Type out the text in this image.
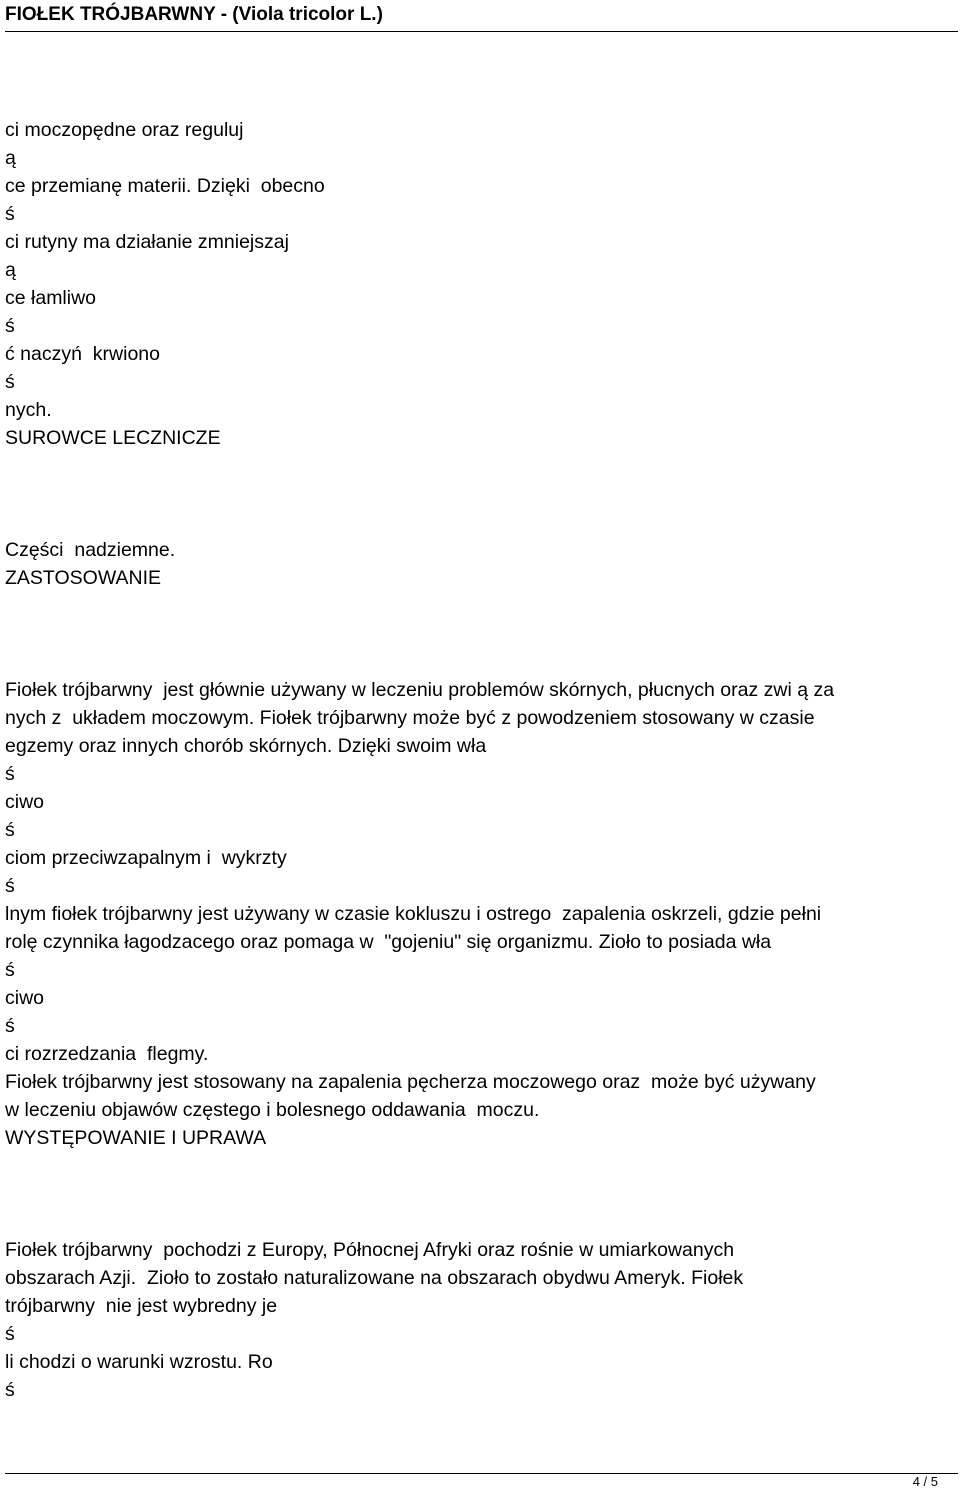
FIOŁEK TRÓJBARWNY - (Viola tricolor L.)
ci moczopędne oraz reguluj
ą
ce przemianę materii. Dzięki  obecno
ś
ci rutyny ma działanie zmniejszaj
ą
ce łamliwo
ś
ć naczyń  krwiono
ś
nych.
SUROWCE LECZNICZE
Części  nadziemne.
ZASTOSOWANIE
Fiołek trójbarwny  jest głównie używany w leczeniu problemów skórnych, płucnych oraz zwi ą za
nych z  układem moczowym. Fiołek trójbarwny może być z powodzeniem stosowany w czasie
egzemy oraz innych chorób skórnych. Dzięki swoim wła
ś
ciwo
ś
ciom przeciwzapalnym i  wykrzty
ś
lnym fiołek trójbarwny jest używany w czasie kokluszu i ostrego  zapalenia oskrzeli, gdzie pełni
rolę czynnika łagodzacego oraz pomaga w  "gojeniu" się organizmu. Zioło to posiada wła
ś
ciwo
ś
ci rozrzedzania  flegmy.
Fiołek trójbarwny jest stosowany na zapalenia pęcherza moczowego oraz  może być używany
w leczeniu objawów częstego i bolesnego oddawania  moczu.
WYSTĘPOWANIE I UPRAWA
Fiołek trójbarwny  pochodzi z Europy, Północnej Afryki oraz rośnie w umiarkowanych
obszarach Azji.  Zioło to zostało naturalizowane na obszarach obydwu Ameryk. Fiołek
trójbarwny  nie jest wybredny je
ś
li chodzi o warunki wzrostu. Ro
ś
4 / 5
